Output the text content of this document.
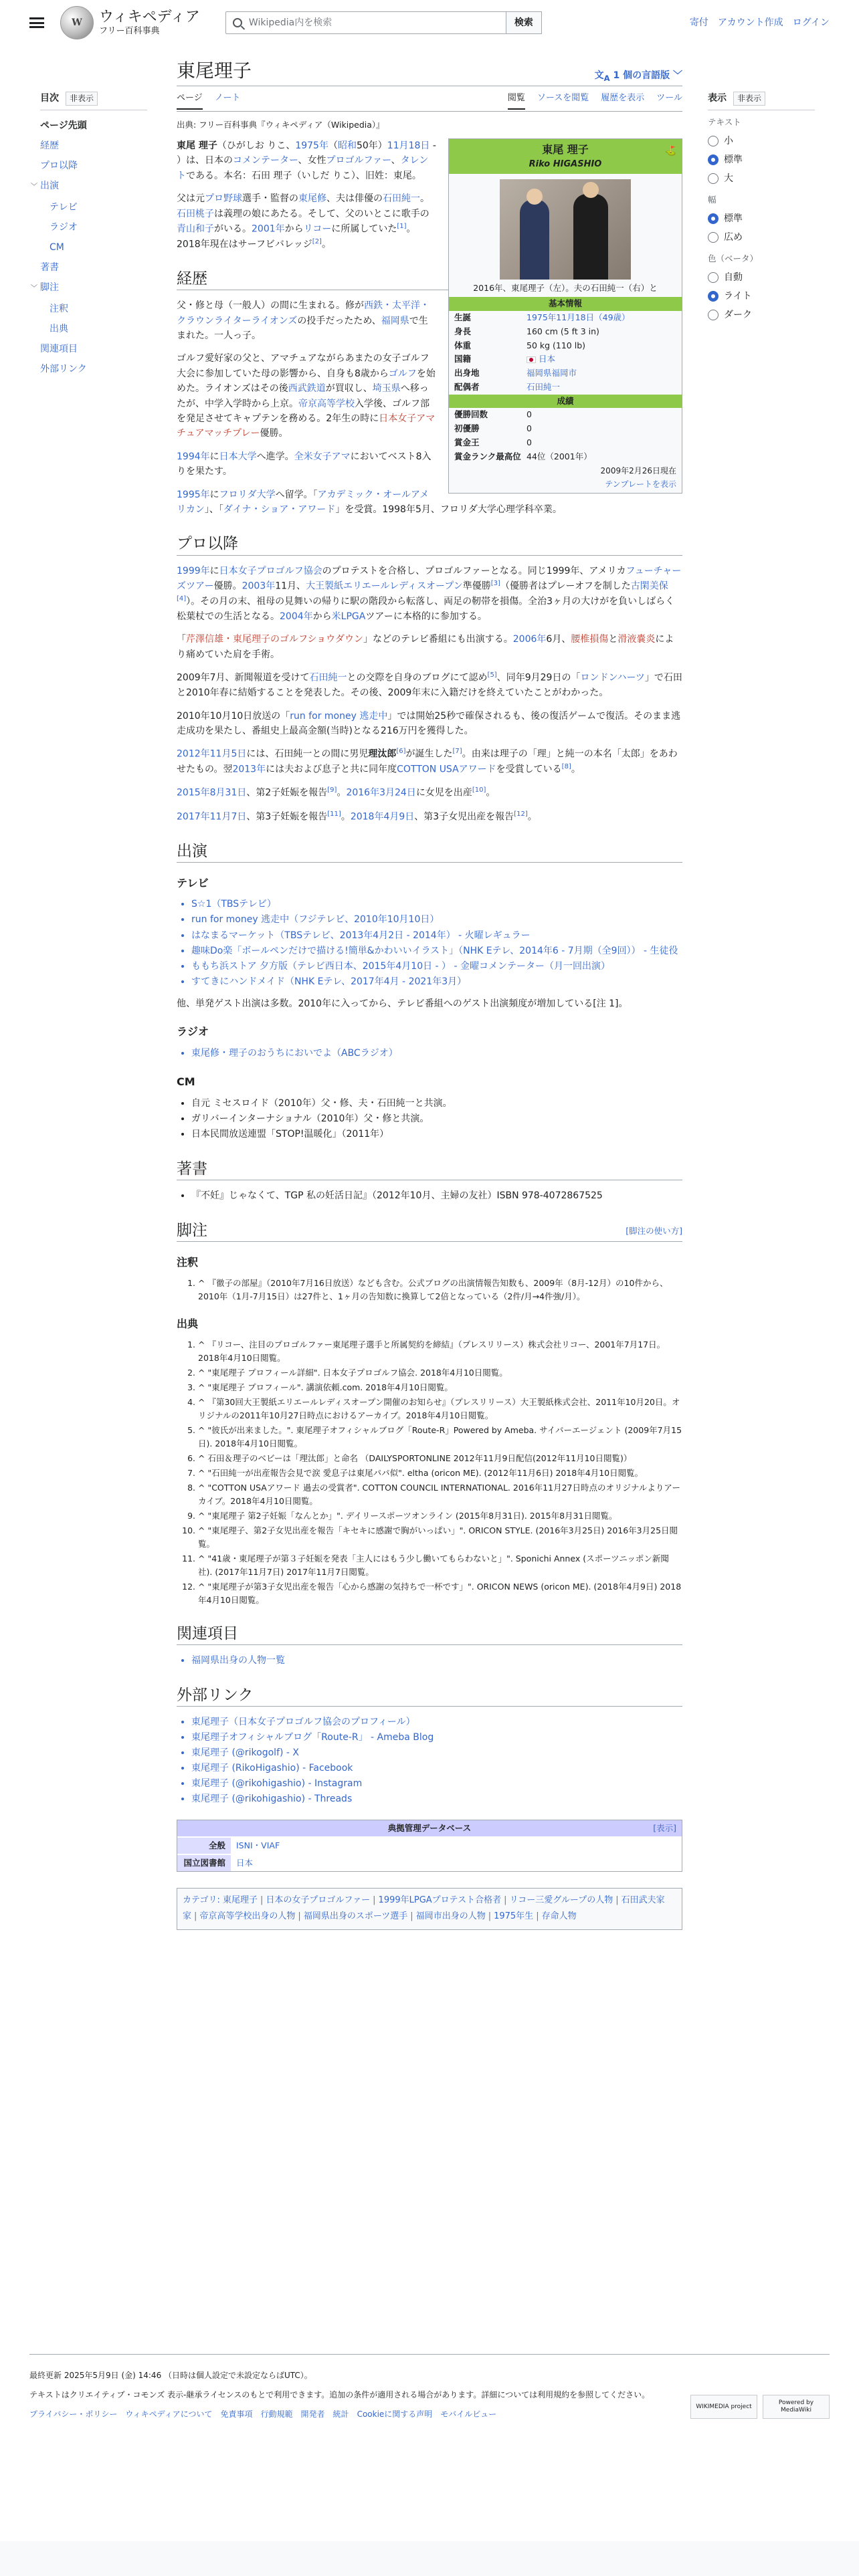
W	ウィキペディア
フリー百科事典
Wikipedia内を検索	検索	寄付 アカウント作成 ログイン
目次	非表示
ページ先頭
経歴
プロ以降
﹀ 出演
テレビ
ラジオ
CM
著書
﹀ 脚注
注釈
出典
関連項目
外部リンク
東尾理子	文$_A$ 1 個の言語版 ﹀
ページ ノート	閲覧 ソースを閲覧 履歴を表示 ツール
出典: フリー百科事典『ウィキペディア（Wikipedia）』
東尾 理子
Riko HIGASHIO
⛳
2016年、東尾理子（左）。夫の石田純一（右）と
基本情報
生誕	1975年11月18日（49歳）
身長	160 cm (5 ft 3 in)
体重	50 kg (110 lb)
国籍	日本
出身地	福岡県福岡市
配偶者	石田純一
成績
優勝回数	0
初優勝	0
賞金王	0
賞金ランク最高位 44位（2001年）
2009年2月26日現在
テンプレートを表示

東尾 理子（ひがしお りこ、1975年（昭和50年）11月18日 - ）は、日本のコメンテーター、女性プロゴルファー、タレントである。本名：石田 理子（いしだ りこ）、旧姓：東尾。

父は元プロ野球選手・監督の東尾修、夫は俳優の石田純一。石田桃子は義理の娘にあたる。そして、父のいとこに歌手の青山和子がいる。2001年からリコーに所属していた[1]。2018年現在はサーフビバレッジ[2]。

経歴

父・修と母（一般人）の間に生まれる。修が西鉄・太平洋・クラウンライターライオンズの投手だったため、福岡県で生まれた。一人っ子。

ゴルフ愛好家の父と、アマチュアながらあまたの女子ゴルフ大会に参加していた母の影響から、自身も8歳からゴルフを始めた。ライオンズはその後西武鉄道が買収し、埼玉県へ移ったが、中学入学時から上京。帝京高等学校入学後、ゴルフ部を発足させてキャプテンを務める。2年生の時に日本女子アマチュアマッチプレー優勝。

1994年に日本大学へ進学。全米女子アマにおいてベスト8入りを果たす。

1995年にフロリダ大学へ留学。「アカデミック・オールアメリカン」、「ダイナ・ショア・アワード」を受賞。1998年5月、フロリダ大学心理学科卒業。

プロ以降

1999年に日本女子プロゴルフ協会のプロテストを合格し、プロゴルファーとなる。同じ1999年、アメリカフューチャーズツアー優勝。2003年11月、大王製紙エリエールレディスオープン準優勝[3]（優勝者はプレーオフを制した古閑美保[4]）。その月の末、祖母の見舞いの帰りに駅の階段から転落し、両足の靭帯を損傷。全治3ヶ月の大けがを負いしばらく松葉杖での生活となる。2004年から米LPGAツアーに本格的に参加する。

「芹澤信雄・東尾理子のゴルフショウダウン」などのテレビ番組にも出演する。2006年6月、腰椎損傷と滑液嚢炎により痛めていた肩を手術。

2009年7月、新聞報道を受けて石田純一との交際を自身のブログにて認め[5]、同年9月29日の「ロンドンハーツ」で石田と2010年春に結婚することを発表した。その後、2009年末に入籍だけを終えていたことがわかった。

2010年10月10日放送の「run for money 逃走中」では開始25秒で確保されるも、後の復活ゲームで復活。そのまま逃走成功を果たし、番組史上最高金額(当時)となる216万円を獲得した。

2012年11月5日には、石田純一との間に男児理汰郎[6]が誕生した[7]。由来は理子の「理」と純一の本名「太郎」をあわせたもの。翌2013年には夫および息子と共に同年度COTTON USAアワードを受賞している[8]。

2015年8月31日、第2子妊娠を報告[9]。2016年3月24日に女児を出産[10]。

2017年11月7日、第3子妊娠を報告[11]。2018年4月9日、第3子女児出産を報告[12]。

出演
テレビ
• S☆1（TBSテレビ）
• run for money 逃走中（フジテレビ、2010年10月10日）
• はなまるマーケット（TBSテレビ、2013年4月2日 - 2014年） - 火曜レギュラー
• 趣味Do楽「ボールペンだけで描ける!簡単&かわいいイラスト」（NHK Eテレ、2014年6 - 7月期（全9回）） - 生徒役
• ももち浜ストア 夕方版（テレビ西日本、2015年4月10日 - ） - 金曜コメンテーター（月一回出演）
• すてきにハンドメイド（NHK Eテレ、2017年4月 - 2021年3月）

他、単発ゲスト出演は多数。2010年に入ってから、テレビ番組へのゲスト出演頻度が増加している[注 1]。

ラジオ
• 東尾修・理子のおうちにおいでよ（ABCラジオ）
CM
• 自元 ミセスロイド（2010年）父・修、夫・石田純一と共演。
• ガリバーインターナショナル（2010年）父・修と共演。
• 日本民間放送連盟「STOP!温暖化」（2011年）
著書
• 『不妊』じゃなくて、TGP 私の妊活日記』（2012年10月、主婦の友社）ISBN 978-4072867525
脚注	[脚注の使い方]
注釈
1. ^ 『徹子の部屋』（2010年7月16日放送）なども含む。公式ブログの出演情報告知数も、2009年（8月-12月）の10件から、2010年（1月-7月15日）は27件と、1ヶ月の告知数に換算して2倍となっている（2件/月→4件強/月）。
出典
1. ^ 『リコー、注目のプロゴルファー東尾理子選手と所属契約を締結』（プレスリリース）株式会社リコー、2001年7月17日。2018年4月10日閲覧。
2. ^ "東尾理子 プロフィール詳細". 日本女子プロゴルフ協会. 2018年4月10日閲覧。
3. ^ "東尾理子 プロフィール". 講演依頼.com. 2018年4月10日閲覧。
4. ^ 『第30回大王製紙エリエールレディスオープン開催のお知らせ』（プレスリリース）大王製紙株式会社、2011年10月20日。オリジナルの2011年10月27日時点におけるアーカイブ。2018年4月10日閲覧。
5. ^ "彼氏が出来ました。". 東尾理子オフィシャルブログ「Route-R」Powered by Ameba. サイバーエージェント (2009年7月15日). 2018年4月10日閲覧。
6. ^ 石田＆理子のベビーは「理汰郎」と命名 （DAILYSPORTONLINE 2012年11月9日配信(2012年11月10日閲覧)）
7. ^ "石田純一が出産報告会見で涙 愛息子は東尾パパ似". eltha (oricon ME). (2012年11月6日) 2018年4月10日閲覧。
8. ^ "COTTON USAアワード 過去の受賞者". COTTON COUNCIL INTERNATIONAL. 2016年11月27日時点のオリジナルよりアーカイブ。2018年4月10日閲覧。
9. ^ "東尾理子 第2子妊娠「なんとか」". デイリースポーツオンライン (2015年8月31日). 2015年8月31日閲覧。
10. ^ "東尾理子、第2子女児出産を報告「キセキに感謝で胸がいっぱい」". ORICON STYLE. (2016年3月25日) 2016年3月25日閲覧。
11. ^ "41歳・東尾理子が第３子妊娠を発表「主人にはもう少し働いてもらわないと」". Sponichi Annex (スポーツニッポン新聞社). (2017年11月7日) 2017年11月7日閲覧。
12. ^ "東尾理子が第3子女児出産を報告「心から感謝の気持ちで一杯です」". ORICON NEWS (oricon ME). (2018年4月9日) 2018年4月10日閲覧。
関連項目
• 福岡県出身の人物一覧
外部リンク
• 東尾理子（日本女子プロゴルフ協会のプロフィール）
• 東尾理子オフィシャルブログ「Route-R」 - Ameba Blog
• 東尾理子 (@rikogolf) - X
• 東尾理子 (RikoHigashio) - Facebook
• 東尾理子 (@rikohigashio) - Instagram
• 東尾理子 (@rikohigashio) - Threads
典拠管理データベース	[表示]
全般	ISNI・VIAF
国立図書館	日本
カテゴリ: 東尾理子 | 日本の女子プロゴルファー | 1999年LPGAプロテスト合格者 | リコー三愛グループの人物 | 石田武夫家家 | 帝京高等学校出身の人物 | 福岡県出身のスポーツ選手 | 福岡市出身の人物 | 1975年生 | 存命人物
表示	非表示
テキスト
小
標準
大
幅
標準
広め
色（ベータ）
自動
ライト
ダーク

最終更新 2025年5月9日 (金) 14:46 （日時は個人設定で未設定ならばUTC）。

テキストはクリエイティブ・コモンズ 表示-継承ライセンスのもとで利用できます。追加の条件が適用される場合があります。詳細については利用規約を参照してください。

プライバシー・ポリシー ウィキペディアについて 免責事項 行動規範 開発者 統計 Cookieに関する声明 モバイルビュー
WIKIMEDIA project
Powered by MediaWiki
